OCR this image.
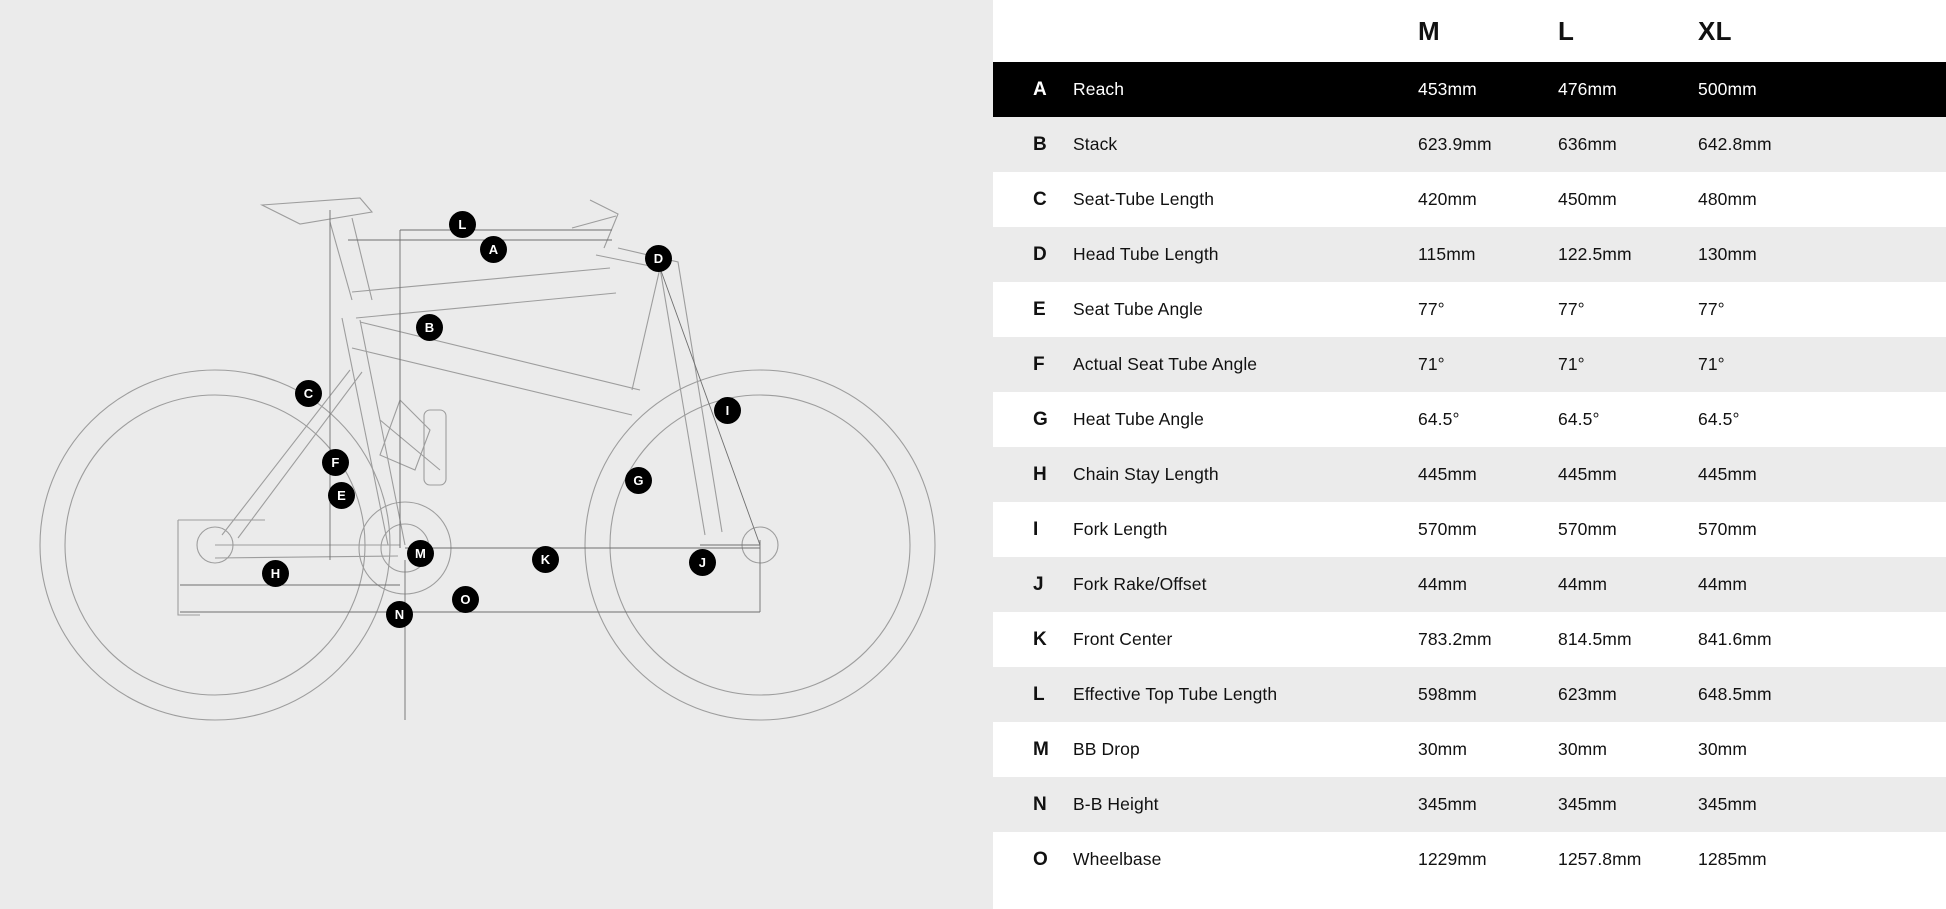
L
A
D
B
C
I
F
G
E
M	K	J
H
O
N
M	L	XL
A	Reach	453mm	476mm	500mm
B	Stack	623.9mm	636mm	642.8mm
C	Seat-Tube Length	420mm	450mm	480mm
D	Head Tube Length	115mm	122.5mm	130mm
E	Seat Tube Angle	77°	77°	77°
F	Actual Seat Tube Angle	71°	71°	71°
G	Heat Tube Angle	64.5°	64.5°	64.5°
H	Chain Stay Length	445mm	445mm	445mm
I	Fork Length	570mm	570mm	570mm
J	Fork Rake/Offset	44mm	44mm	44mm
K	Front Center	783.2mm	814.5mm	841.6mm
L	Effective Top Tube Length	598mm	623mm	648.5mm
M	BB Drop	30mm	30mm	30mm
N	B-B Height	345mm	345mm	345mm
O	Wheelbase	1229mm	1257.8mm	1285mm
